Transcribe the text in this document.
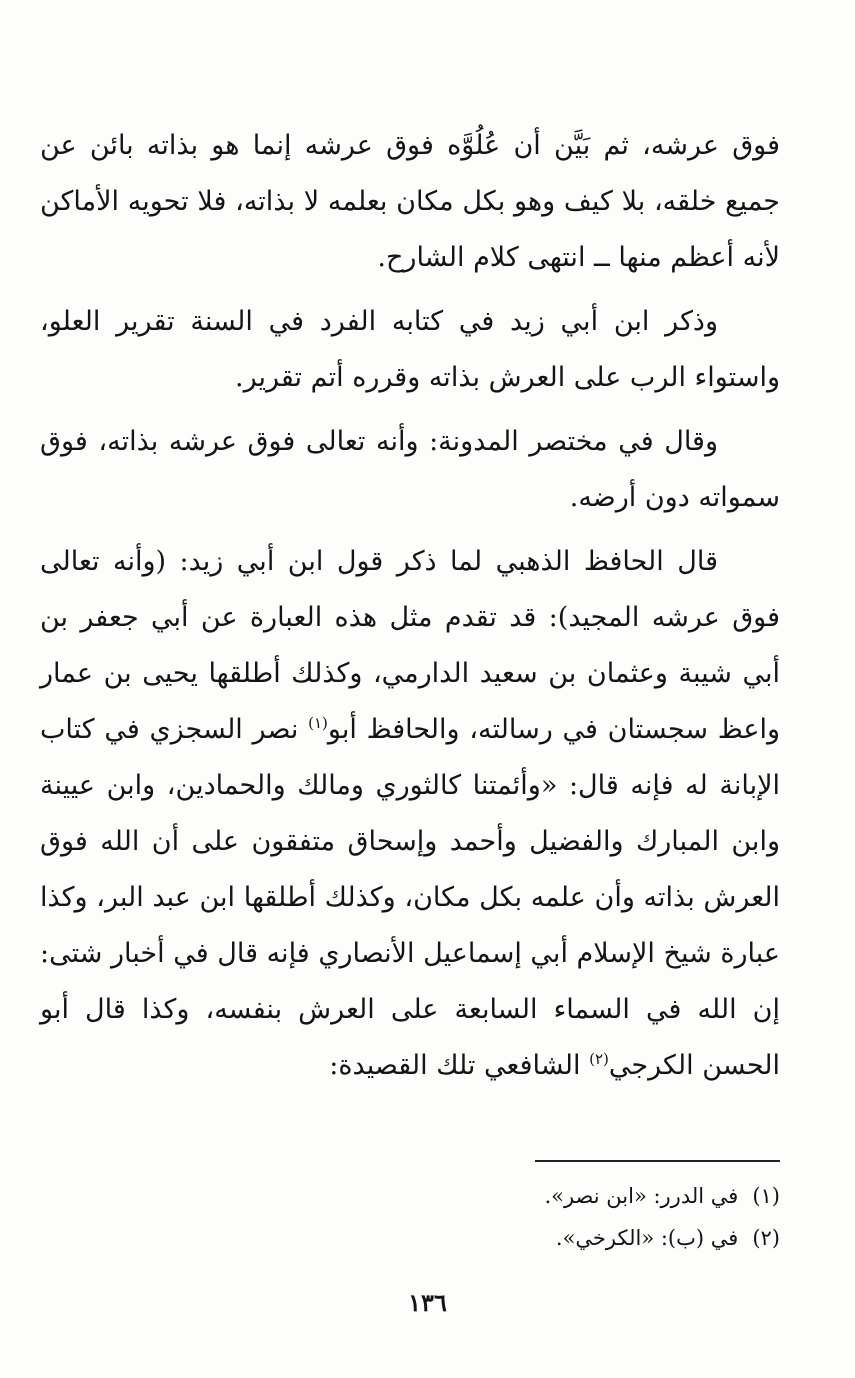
فوق عرشه، ثم بَيَّن أن عُلُوَّه فوق عرشه إنما هو بذاته بائن عن جميع خلقه، بلا كيف وهو بكل مكان بعلمه لا بذاته، فلا تحويه الأماكن لأنه أعظم منها ــ انتهى كلام الشارح.

وذكر ابن أبي زيد في كتابه الفرد في السنة تقرير العلو، واستواء الرب على العرش بذاته وقرره أتم تقرير.

وقال في مختصر المدونة: وأنه تعالى فوق عرشه بذاته، فوق سمواته دون أرضه.

قال الحافظ الذهبي لما ذكر قول ابن أبي زيد: (وأنه تعالى فوق عرشه المجيد): قد تقدم مثل هذه العبارة عن أبي جعفر بن أبي شيبة وعثمان بن سعيد الدارمي، وكذلك أطلقها يحيى بن عمار واعظ سجستان في رسالته، والحافظ أبو$^{(١)}$ نصر السجزي في كتاب الإبانة له فإنه قال: «وأئمتنا كالثوري ومالك والحمادين، وابن عيينة وابن المبارك والفضيل وأحمد وإسحاق متفقون على أن الله فوق العرش بذاته وأن علمه بكل مكان، وكذلك أطلقها ابن عبد البر، وكذا عبارة شيخ الإسلام أبي إسماعيل الأنصاري فإنه قال في أخبار شتى: إن الله في السماء السابعة على العرش بنفسه، وكذا قال أبو الحسن الكرجي$^{(٢)}$ الشافعي تلك القصيدة:

(١)في الدرر: «ابن نصر».
(٢)في (ب): «الكرخي».
١٣٦
